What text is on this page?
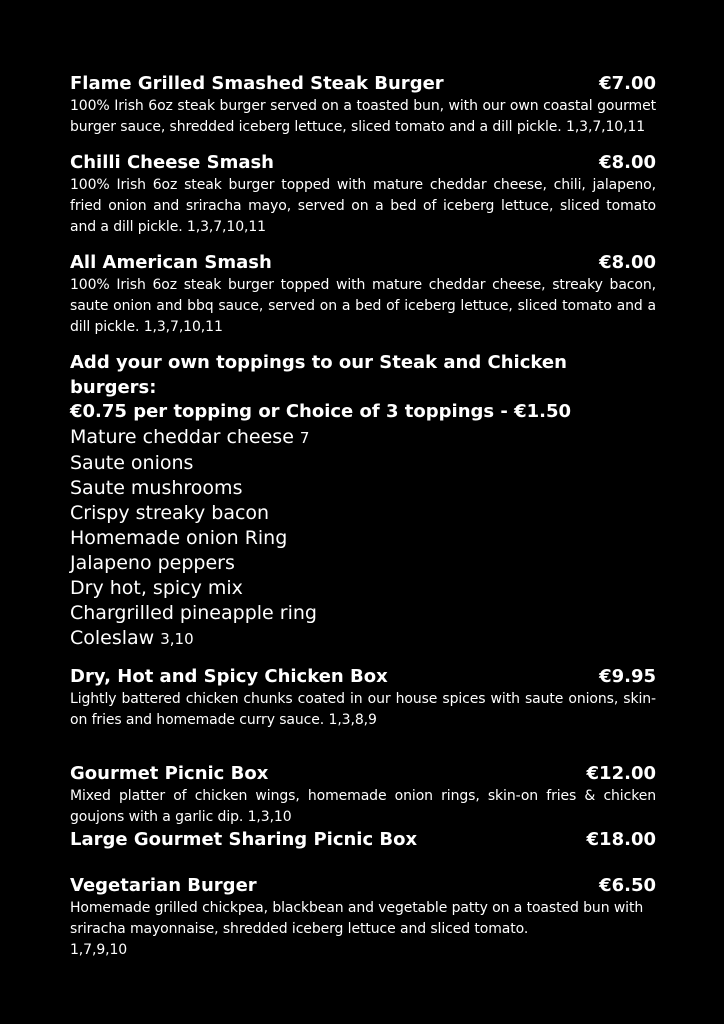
Flame Grilled Smashed Steak Burger	€7.00
100% Irish 6oz steak burger served on a toasted bun, with our own coastal gourmet burger sauce, shredded iceberg lettuce, sliced tomato and a dill pickle. 1,3,7,10,11
Chilli Cheese Smash	€8.00
100% Irish 6oz steak burger topped with mature cheddar cheese, chili, jalapeno, fried onion and sriracha mayo, served on a bed of iceberg lettuce, sliced tomato and a dill pickle. 1,3,7,10,11
All American Smash	€8.00
100% Irish 6oz steak burger topped with mature cheddar cheese, streaky bacon, saute onion and bbq sauce, served on a bed of iceberg lettuce, sliced tomato and a dill pickle. 1,3,7,10,11
Add your own toppings to our Steak and Chicken burgers:
€0.75 per topping or Choice of 3 toppings - €1.50
Mature cheddar cheese 7
Saute onions
Saute mushrooms
Crispy streaky bacon
Homemade onion Ring
Jalapeno peppers
Dry hot, spicy mix
Chargrilled pineapple ring
Coleslaw 3,10
Dry, Hot and Spicy Chicken Box	€9.95
Lightly battered chicken chunks coated in our house spices with saute onions, skin-on fries and homemade curry sauce. 1,3,8,9
Gourmet Picnic Box	€12.00
Mixed platter of chicken wings, homemade onion rings, skin-on fries & chicken goujons with a garlic dip. 1,3,10
Large Gourmet Sharing Picnic Box	€18.00
Vegetarian Burger	€6.50
Homemade grilled chickpea, blackbean and vegetable patty on a toasted bun with sriracha mayonnaise, shredded iceberg lettuce and sliced tomato.
1,7,9,10
